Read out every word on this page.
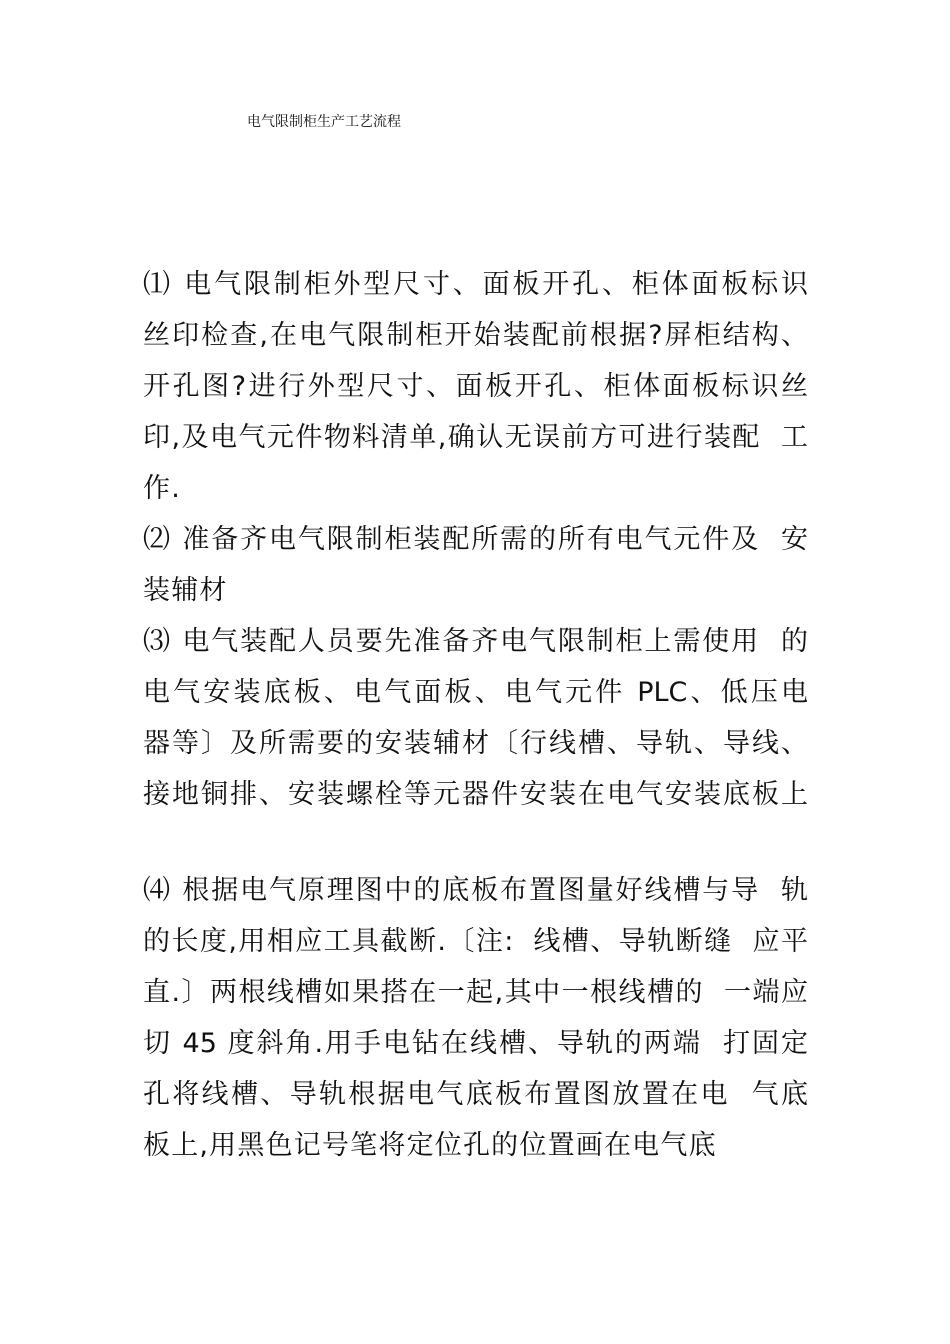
电气限制柜生产工艺流程
⑴ 电气限制柜外型尺寸、面板开孔、柜体面板标识
丝印检查,在电气限制柜开始装配前根据?屏柜结构、
开孔图?进行外型尺寸、面板开孔、柜体面板标识丝
印,及电气元件物料清单,确认无误前方可进行装配  工
作.
⑵ 准备齐电气限制柜装配所需的所有电气元件及  安
装辅材
⑶ 电气装配人员要先准备齐电气限制柜上需使用  的
电气安装底板、电气面板、电气元件 PLC、低压电
器等〕及所需要的安装辅材〔行线槽、导轨、导线、
接地铜排、安装螺栓等元器件安装在电气安装底板上
⑷ 根据电气原理图中的底板布置图量好线槽与导  轨
的长度,用相应工具截断.〔注:  线槽、导轨断缝  应平
直.〕两根线槽如果搭在一起,其中一根线槽的  一端应
切 45 度斜角.用手电钻在线槽、导轨的两端  打固定
孔将线槽、导轨根据电气底板布置图放置在电  气底
板上,用黑色记号笔将定位孔的位置画在电气底
